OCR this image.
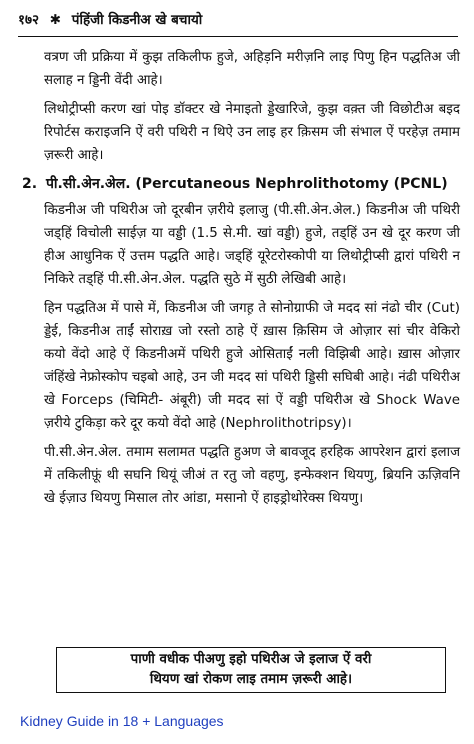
१७२ ✱ पंहिंजी किडनीअ खे बचायो

वत्रण जी प्रक्रिया में कुझ तकिलीफ हुजे, अहिड़नि मरीज़नि लाइ पिणु हिन पद्धतिअ जी सलाह न ड्डिनी वेंदी आहे।

लिथोट्रीप्सी करण खां पोइ डॉक्टर खे नेमाइतो ड्डेखारिजे, कुझ वक़्त जी विछोटीअ बइद रिपोर्टस कराइजनि ऐं वरी पथिरी न थिऐ उन लाइ हर क़िसम जी संभाल ऐं परहेज़ तमाम ज़रूरी आहे।

2. पी.सी.अेन.अेल. (Percutaneous Nephrolithotomy (PCNL)

किडनीअ जी पथिरीअ जो दूरबीन ज़रीये इलाजु (पी.सी.अेन.अेल.) किडनीअ जी पथिरी जड्हिं विचोली साईज़ या वड्डी (1.5 से.मी. खां वड्डी) हुजे, तड्हिं उन खे दूर करण जी हीअ आधुनिक ऐं उत्तम पद्धति आहे। जड्हिं यूरेटरोस्कोपी या लिथोट्रीप्सी द्वारां पथिरी न निकिरे तड्हिं पी.सी.अेन.अेल. पद्धति सुठे में सुठी लेखिबी आहे।

हिन पद्धतिअ में पासे में, किडनीअ जी जगह़ ते सोनोग्राफी जे मदद सां नंढो चीर (Cut) ड्डेई, किडनीअ ताईं सोराख़ जो रस्तो ठाहे ऐं ख़ास क़िसिम जे ओज़ार सां चीर वेकिरो कयो वेंदो आहे ऐं किडनीअमें पथिरी हुजे ओसिताईं नली विझिबी आहे। ख़ास ओज़ार जंहिंखे नेफ्रोस्कोप चइबो आहे, उन जी मदद सां पथिरी ड्डिसी सघिबी आहे। नंढी पथिरीअ खे Forceps (चिमिटी- अंबूरी) जी मदद सां ऐं वड्डी पथिरीअ खे Shock Wave ज़रीये टुकिड़ा करे दूर कयो वेंदो आहे (Nephrolithotripsy)।

पी.सी.अेन.अेल. तमाम सलामत पद्धति हुअण जे बावजूद हरहिक आपरेशन द्वारां इलाज में तकिलीफ़ूं थी सघनि थियूं जीअं त रतु जो वहणु, इन्फेक्शन थियणु, ब्रियनि ऊज़िवनि खे ईज़ाउ थियणु मिसाल तोर आंडा, मसानो ऐं हाइड्रोथोरेक्स थियणु।

पाणी वधीक पीअणु इहो पथिरीअ जे इलाज ऐं वरी
थियण खां रोकण लाइ तमाम ज़रूरी आहे।
Kidney Guide in 18 + Languages
